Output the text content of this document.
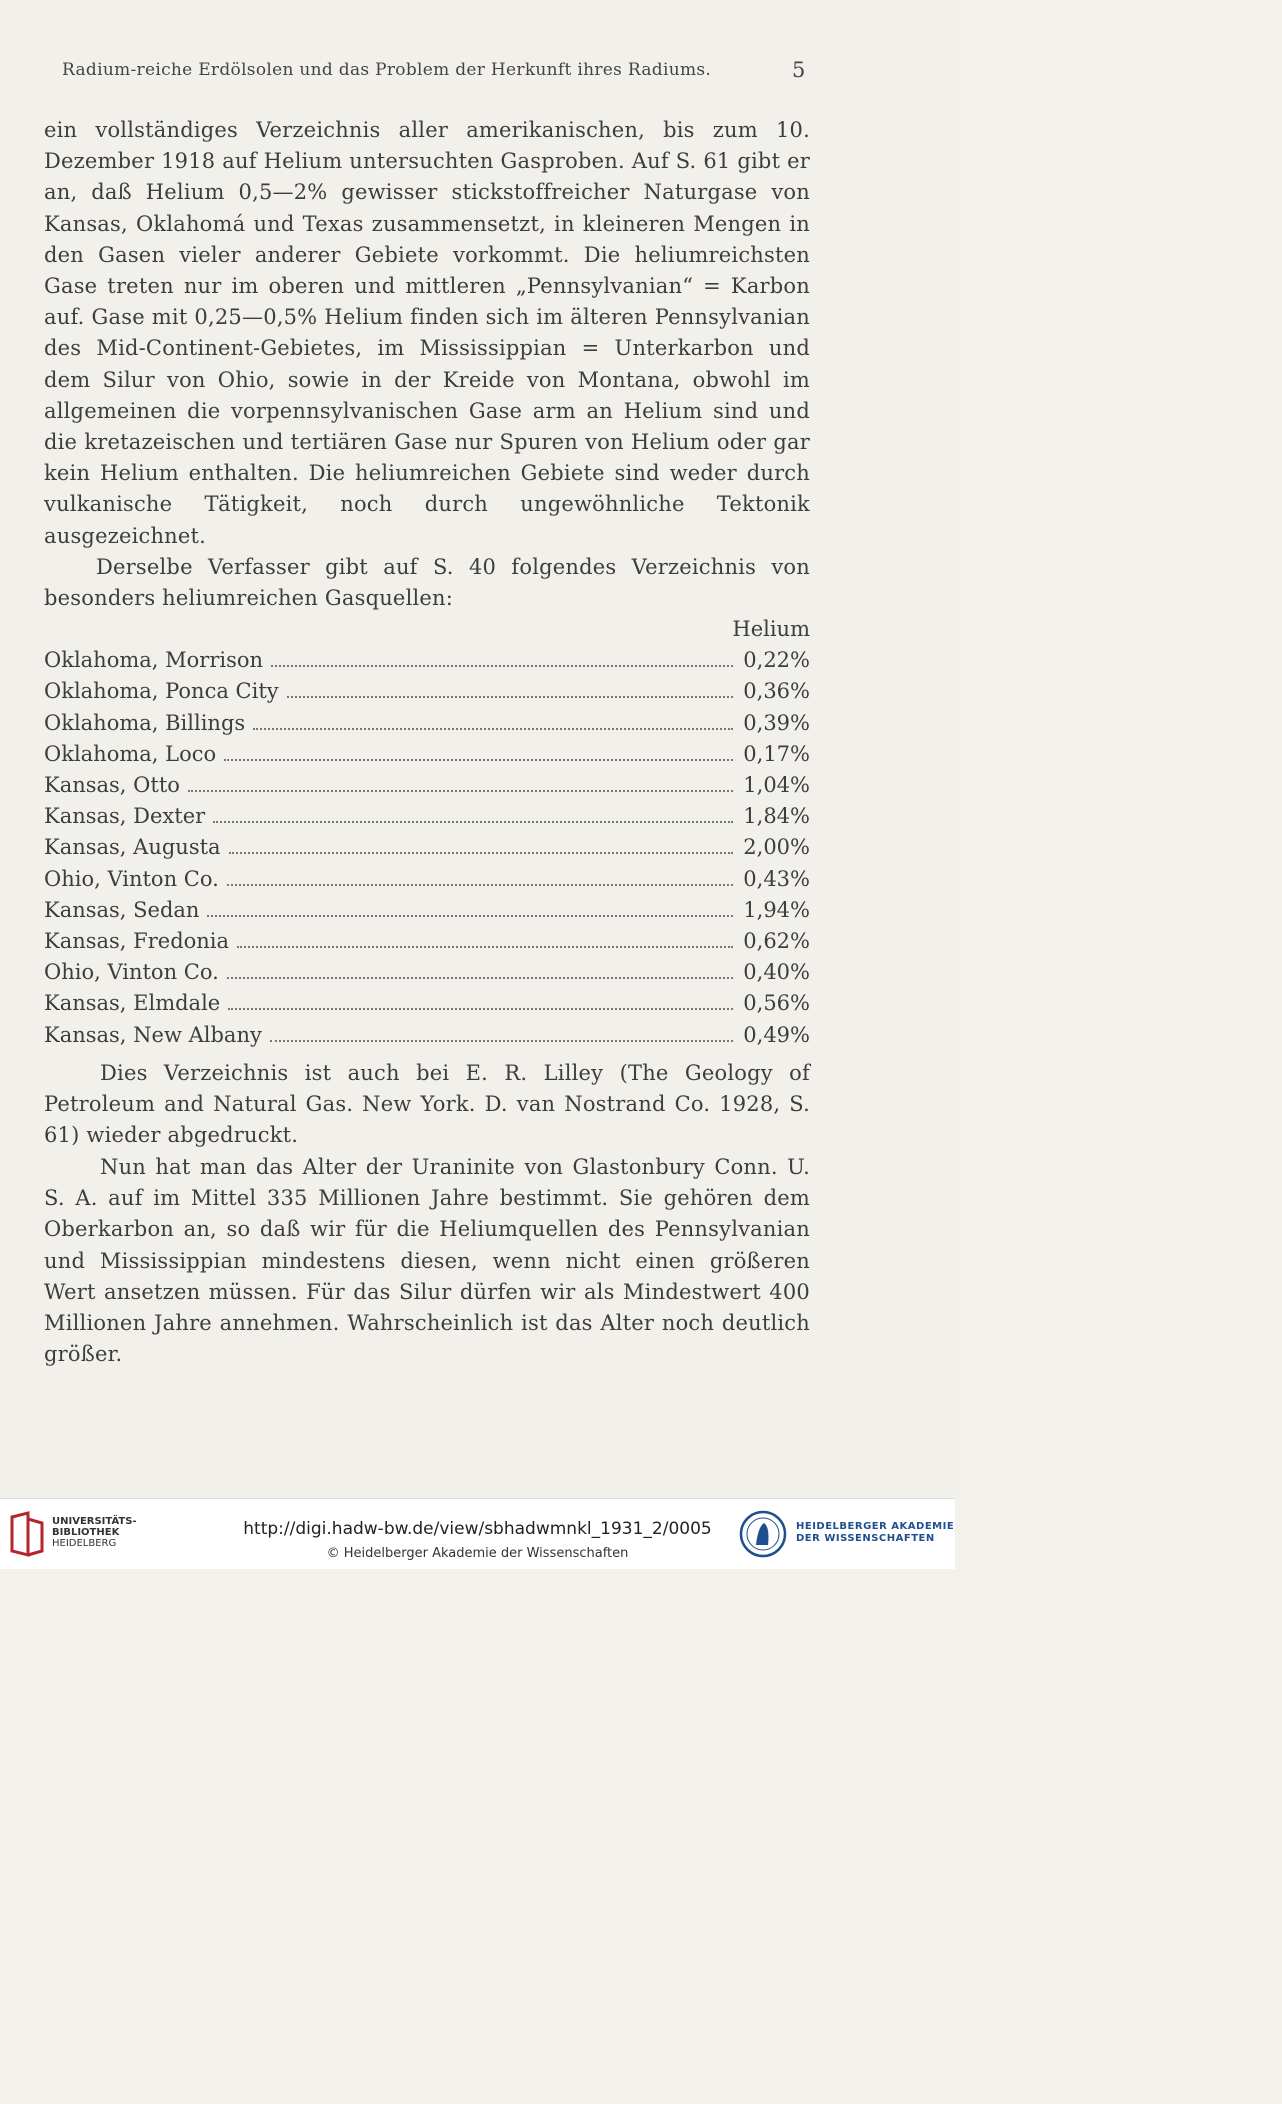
Radium-reiche Erdölsolen und das Problem der Herkunft ihres Radiums.	5
ein vollständiges Verzeichnis aller amerikanischen, bis zum 10. Dezember 1918 auf Helium untersuchten Gasproben. Auf S. 61 gibt er an, daß Helium 0,5—2% gewisser stickstoffreicher Naturgase von Kansas, Oklahomá und Texas zusammensetzt, in kleineren Mengen in den Gasen vieler anderer Gebiete vorkommt. Die heliumreichsten Gase treten nur im oberen und mittleren „Pennsylvanian“ = Karbon auf. Gase mit 0,25—0,5% Helium finden sich im älteren Pennsylvanian des Mid-Continent-Gebietes, im Mississippian = Unterkarbon und dem Silur von Ohio, sowie in der Kreide von Montana, obwohl im allgemeinen die vorpennsylvanischen Gase arm an Helium sind und die kretazeischen und tertiären Gase nur Spuren von Helium oder gar kein Helium enthalten. Die heliumreichen Gebiete sind weder durch vulkanische Tätigkeit, noch durch ungewöhnliche Tektonik ausgezeichnet.
Derselbe Verfasser gibt auf S. 40 folgendes Verzeichnis von besonders heliumreichen Gasquellen:
Helium
Oklahoma, Morrison	0,22%
Oklahoma, Ponca City	0,36%
Oklahoma, Billings	0,39%
Oklahoma, Loco	0,17%
Kansas, Otto	1,04%
Kansas, Dexter	1,84%
Kansas, Augusta	2,00%
Ohio, Vinton Co.	0,43%
Kansas, Sedan	1,94%
Kansas, Fredonia	0,62%
Ohio, Vinton Co.	0,40%
Kansas, Elmdale	0,56%
Kansas, New Albany	0,49%
Dies Verzeichnis ist auch bei E. R. Lilley (The Geology of Petroleum and Natural Gas. New York. D. van Nostrand Co. 1928, S. 61) wieder abgedruckt.
Nun hat man das Alter der Uraninite von Glastonbury Conn. U. S. A. auf im Mittel 335 Millionen Jahre bestimmt. Sie gehören dem Oberkarbon an, so daß wir für die Heliumquellen des Pennsylvanian und Mississippian mindestens diesen, wenn nicht einen größeren Wert ansetzen müssen. Für das Silur dürfen wir als Mindestwert 400 Millionen Jahre annehmen. Wahrscheinlich ist das Alter noch deutlich größer.
UNIVERSITÄTS-
BIBLIOTHEK
HEIDELBERG
http://digi.hadw-bw.de/view/sbhadwmnkl_1931_2/0005
© Heidelberger Akademie der Wissenschaften
HEIDELBERGER AKADEMIE
DER WISSENSCHAFTEN
